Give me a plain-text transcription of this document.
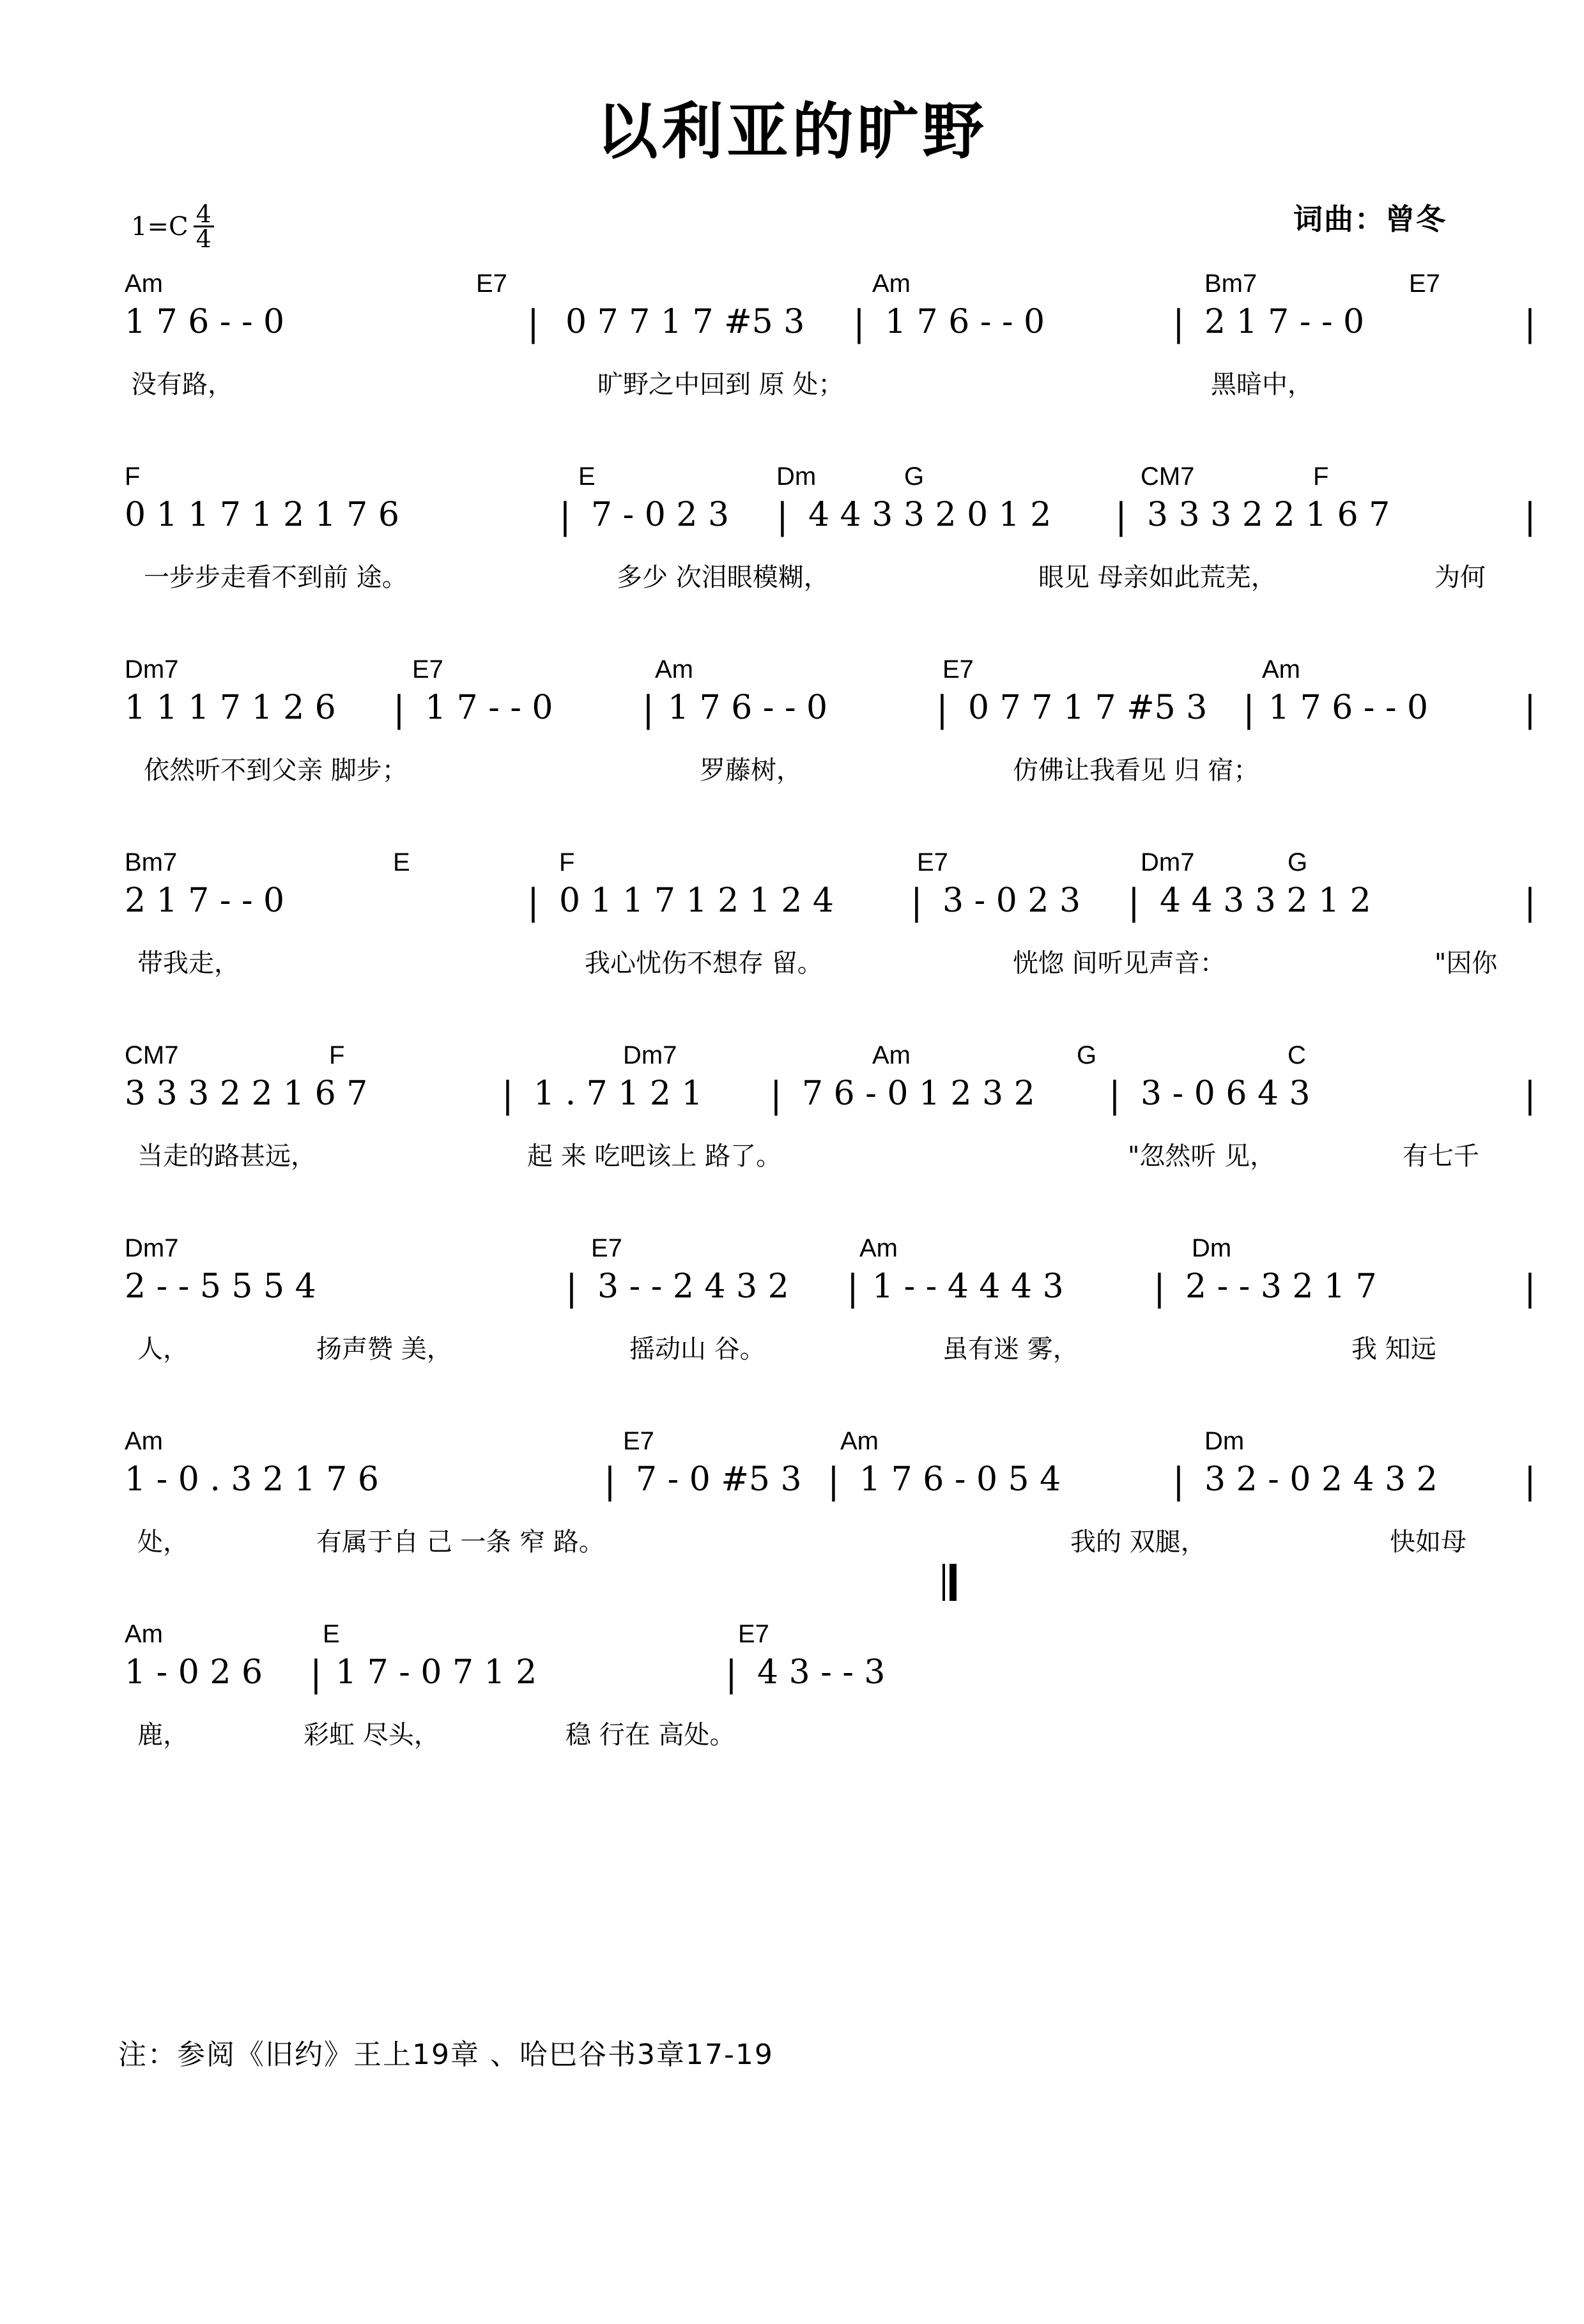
以利亚的旷野
$1=C \frac{4}{4}$	词曲：曾冬
Am	E7	Am	Bm7	E7
1 7 6 - - 0	| 0 7 7 1 7 #5 3 | 1 7 6 - - 0	| 2 1 7 - - 0	|
没有路，	旷野之中回到 原 处；	黑暗中，
F	E	Dm	G	CM7	F
0 1 1 7 1 2 1 7 6	| 7 - 0 2 3 | 4 4 3 3 2 0 1 2 | 3 3 3 2 2 1 6 7	|
一步步走看不到前 途。	多少 次泪眼模糊，	眼见 母亲如此荒芜，	为何
Dm7	E7	Am	E7	Am
1 1 1 7 1 2 6 | 1 7 - - 0 | 1 7 6 - - 0	| 0 7 7 1 7 #5 3 | 1 7 6 - - 0	|
依然听不到父亲 脚步；	罗藤树，	仿佛让我看见 归 宿；
Bm7	E	F	E7	Dm7	G
2 1 7 - - 0	| 0 1 1 7 1 2 1 2 4 | 3 - 0 2 3 | 4 4 3 3 2 1 2	|
带我走，	我心忧伤不想存 留。	恍惚 间听见声音：	"因你
CM7	F	Dm7	Am	G	C
3 3 3 2 2 1 6 7	| 1 . 7 1 2 1 | 7 6 - 0 1 2 3 2 | 3 - 0 6 4 3	|
当走的路甚远，	起 来 吃吧该上 路了。	"忽然听 见，	有七千
Dm7	E7	Am	Dm
2 - - 5 5 5 4	| 3 - - 2 4 3 2 | 1 - - 4 4 4 3	| 2 - - 3 2 1 7	|
人，	扬声赞 美，	摇动山 谷。	虽有迷 雾，	我 知远
Am	E7	Am	Dm
1 - 0 . 3 2 1 7 6	| 7 - 0 #5 3 | 1 7 6 - 0 5 4	| 3 2 - 0 2 4 3 2 |
处，	有属于自 己 一条 窄 路。	我的 双腿，	快如母
Am	E	E7
1 - 0 2 6 | 1 7 - 0 7 1 2	| 4 3 - - 3
鹿，	彩虹 尽头，	稳 行在 高处。
注：参阅《旧约》王上19章 、哈巴谷书3章17-19
